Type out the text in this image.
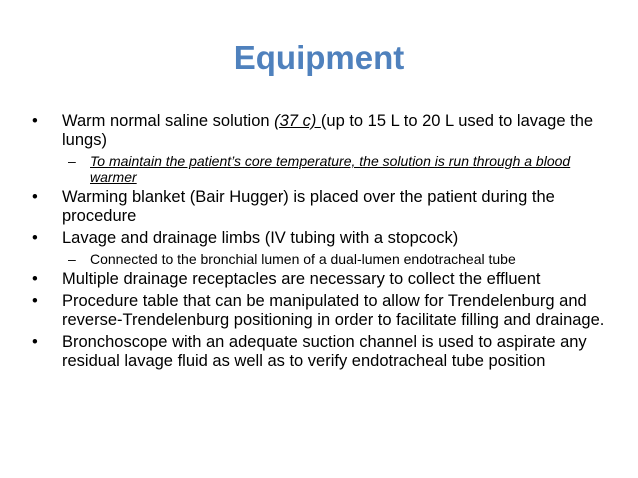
Equipment
•	Warm normal saline solution (37 c) (up to 15 L to 20 L used to lavage the lungs)
– To maintain the patient’s core temperature, the solution is run through a blood warmer
•	Warming blanket (Bair Hugger) is placed over the patient during the procedure
•	Lavage and drainage limbs (IV tubing with a stopcock)
– Connected to the bronchial lumen of a dual-lumen endotracheal tube
•	Multiple drainage receptacles are necessary to collect the effluent
•	Procedure table that can be manipulated to allow for Trendelenburg and reverse-Trendelenburg positioning in order to facilitate filling and drainage.
•	Bronchoscope with an adequate suction channel is used to aspirate any residual lavage fluid as well as to verify endotracheal tube position
